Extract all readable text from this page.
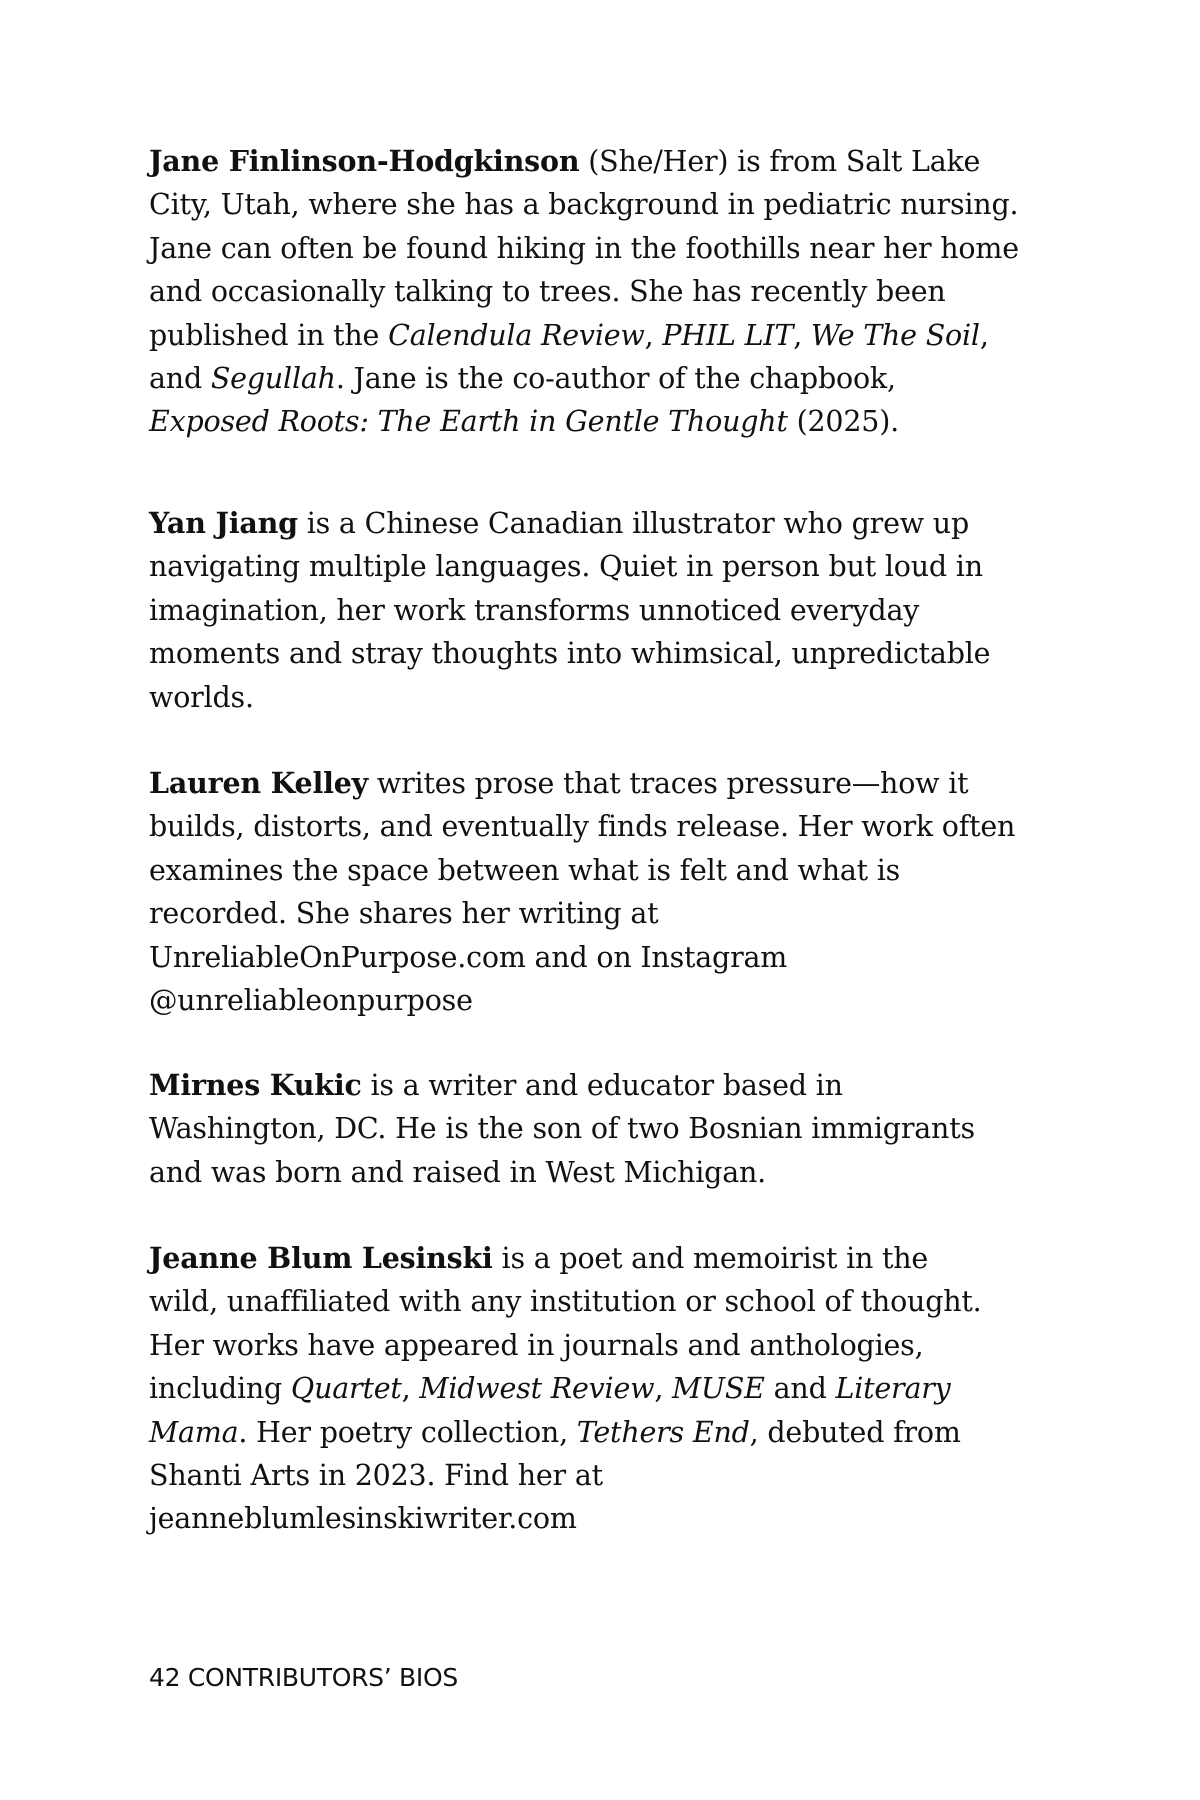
Jane Finlinson-Hodgkinson (She/Her) is from Salt Lake
City, Utah, where she has a background in pediatric nursing.
Jane can often be found hiking in the foothills near her home
and occasionally talking to trees. She has recently been
published in the Calendula Review, PHIL LIT, We The Soil,
and Segullah. Jane is the co-author of the chapbook,
Exposed Roots: The Earth in Gentle Thought (2025).

Yan Jiang is a Chinese Canadian illustrator who grew up
navigating multiple languages. Quiet in person but loud in
imagination, her work transforms unnoticed everyday
moments and stray thoughts into whimsical, unpredictable
worlds.

Lauren Kelley writes prose that traces pressure—how it
builds, distorts, and eventually finds release. Her work often
examines the space between what is felt and what is
recorded. She shares her writing at
UnreliableOnPurpose.com and on Instagram
@unreliableonpurpose

Mirnes Kukic is a writer and educator based in
Washington, DC. He is the son of two Bosnian immigrants
and was born and raised in West Michigan.

Jeanne Blum Lesinski is a poet and memoirist in the
wild, unaffiliated with any institution or school of thought.
Her works have appeared in journals and anthologies,
including Quartet, Midwest Review, MUSE and Literary
Mama. Her poetry collection, Tethers End, debuted from
Shanti Arts in 2023. Find her at
jeanneblumlesinskiwriter.com

42 CONTRIBUTORS’ BIOS
